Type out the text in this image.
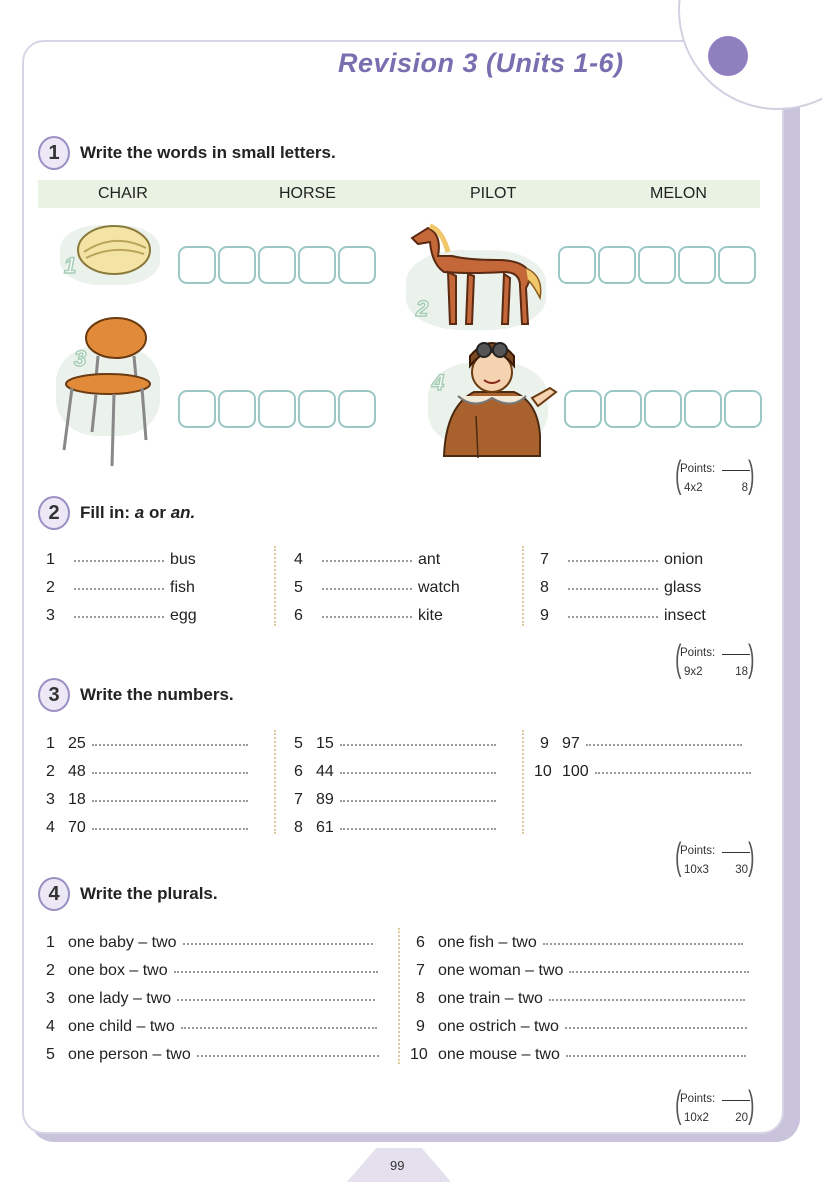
Revision 3 (Units 1-6)
1	Write the words in small letters.
CHAIR	HORSE	PILOT	MELON
1
2
3
4
(
Points:
4x2	8 )
2	Fill in: a or an.
1	bus
2	fish
3	egg
4	ant
5	watch
6	kite
7	onion
8	glass
9	insect
(
Points:
9x2	18 )
3	Write the numbers.
1 25
2 48
3 18
4 70
5 15
6 44
7 89
8 61
9 97
10 100
(
Points:
10x3 30 )
4	Write the plurals.
1 one baby – two
2 one box – two
3 one lady – two
4 one child – two
5 one person – two
6 one fish – two
7 one woman – two
8 one train – two
9 one ostrich – two
10 one mouse – two
(
Points:
10x2 20 )
99
